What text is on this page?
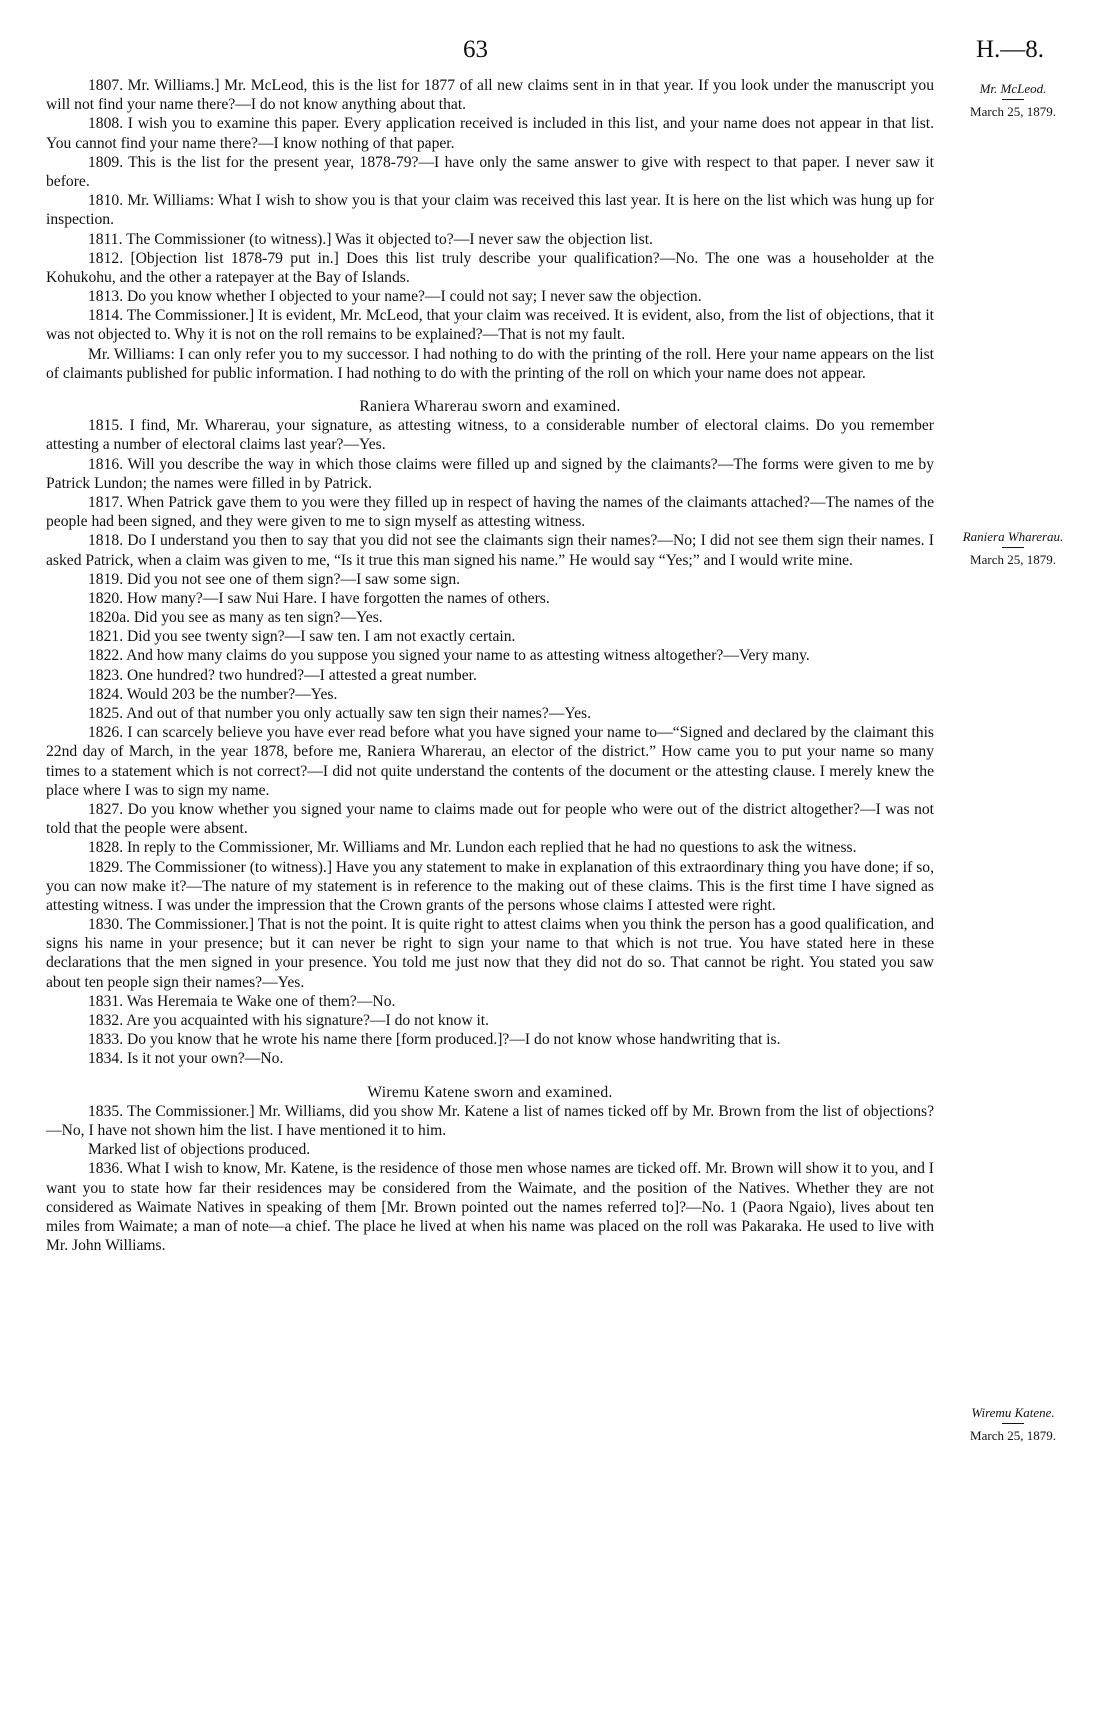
63	H.—8.

1807. Mr. Williams.] Mr. McLeod, this is the list for 1877 of all new claims sent in in that year. If you look under the manuscript you will not find your name there?—I do not know anything about that.

1808. I wish you to examine this paper. Every application received is included in this list, and your name does not appear in that list. You cannot find your name there?—I know nothing of that paper.

1809. This is the list for the present year, 1878-79?—I have only the same answer to give with respect to that paper. I never saw it before.

1810. Mr. Williams: What I wish to show you is that your claim was received this last year. It is here on the list which was hung up for inspection.

1811. The Commissioner (to witness).] Was it objected to?—I never saw the objection list.

1812. [Objection list 1878-79 put in.] Does this list truly describe your qualification?—No. The one was a householder at the Kohukohu, and the other a ratepayer at the Bay of Islands.

1813. Do you know whether I objected to your name?—I could not say; I never saw the objection.

1814. The Commissioner.] It is evident, Mr. McLeod, that your claim was received. It is evident, also, from the list of objections, that it was not objected to. Why it is not on the roll remains to be explained?—That is not my fault.

Mr. Williams: I can only refer you to my successor. I had nothing to do with the printing of the roll. Here your name appears on the list of claimants published for public information. I had nothing to do with the printing of the roll on which your name does not appear.

Raniera Wharerau sworn and examined.

1815. I find, Mr. Wharerau, your signature, as attesting witness, to a considerable number of electoral claims. Do you remember attesting a number of electoral claims last year?—Yes.

1816. Will you describe the way in which those claims were filled up and signed by the claimants?—The forms were given to me by Patrick Lundon; the names were filled in by Patrick.

1817. When Patrick gave them to you were they filled up in respect of having the names of the claimants attached?—The names of the people had been signed, and they were given to me to sign myself as attesting witness.

1818. Do I understand you then to say that you did not see the claimants sign their names?—No; I did not see them sign their names. I asked Patrick, when a claim was given to me, “Is it true this man signed his name.” He would say “Yes;” and I would write mine.

1819. Did you not see one of them sign?—I saw some sign.

1820. How many?—I saw Nui Hare. I have forgotten the names of others.

1820a. Did you see as many as ten sign?—Yes.

1821. Did you see twenty sign?—I saw ten. I am not exactly certain.

1822. And how many claims do you suppose you signed your name to as attesting witness altogether?—Very many.

1823. One hundred? two hundred?—I attested a great number.

1824. Would 203 be the number?—Yes.

1825. And out of that number you only actually saw ten sign their names?—Yes.

1826. I can scarcely believe you have ever read before what you have signed your name to—“Signed and declared by the claimant this 22nd day of March, in the year 1878, before me, Raniera Wharerau, an elector of the district.” How came you to put your name so many times to a statement which is not correct?—I did not quite understand the contents of the document or the attesting clause. I merely knew the place where I was to sign my name.

1827. Do you know whether you signed your name to claims made out for people who were out of the district altogether?—I was not told that the people were absent.

1828. In reply to the Commissioner, Mr. Williams and Mr. Lundon each replied that he had no questions to ask the witness.

1829. The Commissioner (to witness).] Have you any statement to make in explanation of this extraordinary thing you have done; if so, you can now make it?—The nature of my statement is in reference to the making out of these claims. This is the first time I have signed as attesting witness. I was under the impression that the Crown grants of the persons whose claims I attested were right.

1830. The Commissioner.] That is not the point. It is quite right to attest claims when you think the person has a good qualification, and signs his name in your presence; but it can never be right to sign your name to that which is not true. You have stated here in these declarations that the men signed in your presence. You told me just now that they did not do so. That cannot be right. You stated you saw about ten people sign their names?—Yes.

1831. Was Heremaia te Wake one of them?—No.

1832. Are you acquainted with his signature?—I do not know it.

1833. Do you know that he wrote his name there [form produced.]?—I do not know whose handwriting that is.

1834. Is it not your own?—No.

Wiremu Katene sworn and examined.

1835. The Commissioner.] Mr. Williams, did you show Mr. Katene a list of names ticked off by Mr. Brown from the list of objections?—No, I have not shown him the list. I have mentioned it to him.

Marked list of objections produced.

1836. What I wish to know, Mr. Katene, is the residence of those men whose names are ticked off. Mr. Brown will show it to you, and I want you to state how far their residences may be considered from the Waimate, and the position of the Natives. Whether they are not considered as Waimate Natives in speaking of them [Mr. Brown pointed out the names referred to]?—No. 1 (Paora Ngaio), lives about ten miles from Waimate; a man of note—a chief. The place he lived at when his name was placed on the roll was Pakaraka. He used to live with Mr. John Williams.

Mr. McLeod.
March 25, 1879.
Raniera Wharerau.
March 25, 1879.
Wiremu Katene.
March 25, 1879.
